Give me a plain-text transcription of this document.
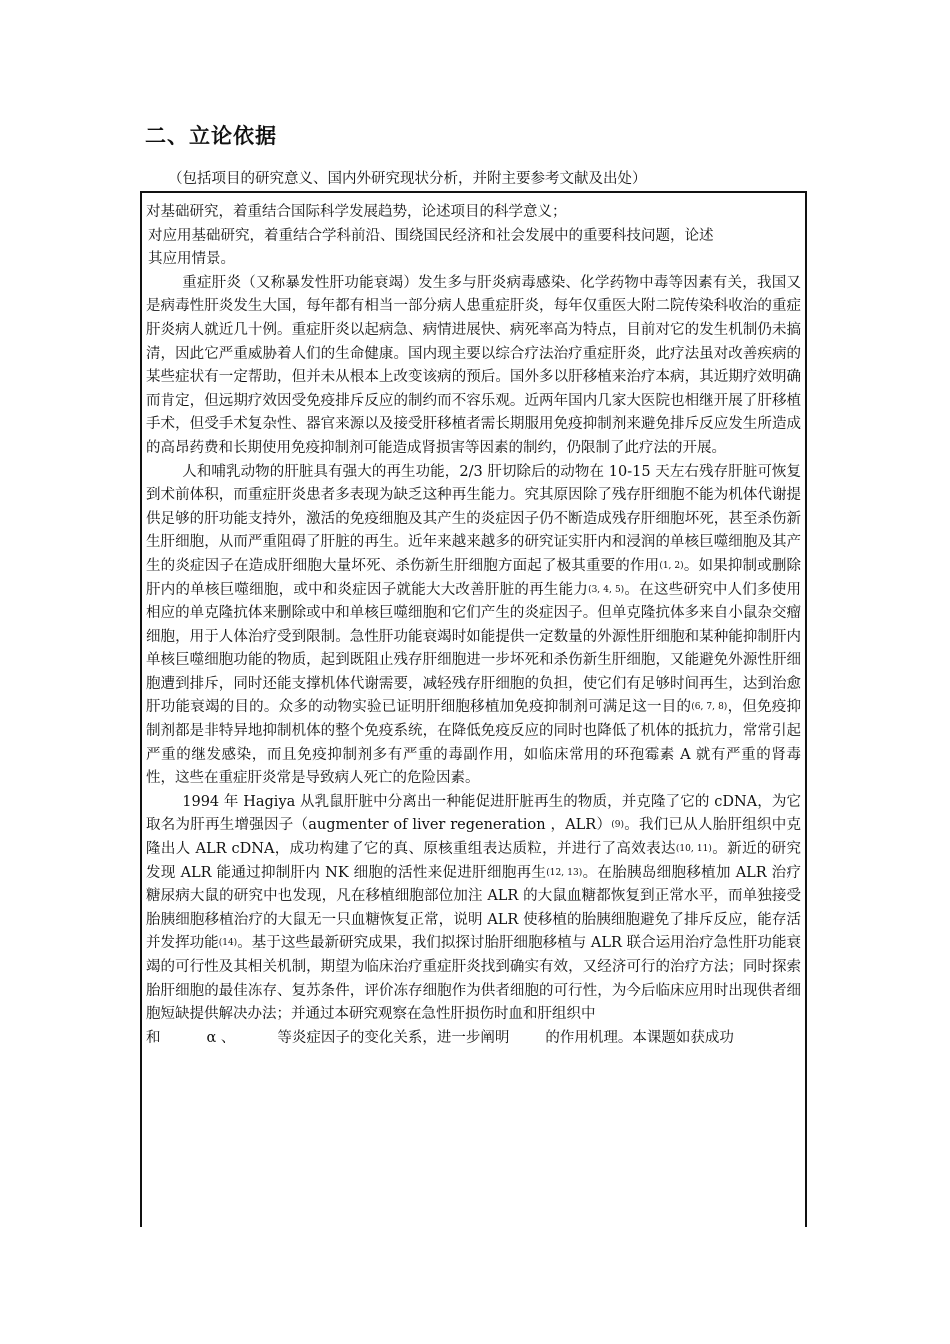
二、立论依据
（包括项目的研究意义、国内外研究现状分析，并附主要参考文献及出处）
对基础研究，着重结合国际科学发展趋势，论述项目的科学意义；
对应用基础研究，着重结合学科前沿、围绕国民经济和社会发展中的重要科技问题，论述
其应用情景。

重症肝炎（又称暴发性肝功能衰竭）发生多与肝炎病毒感染、化学药物中毒等因素有关，我国又是病毒性肝炎发生大国，每年都有相当一部分病人患重症肝炎，每年仅重医大附二院传染科收治的重症肝炎病人就近几十例。重症肝炎以起病急、病情进展快、病死率高为特点，目前对它的发生机制仍未搞清，因此它严重威胁着人们的生命健康。国内现主要以综合疗法治疗重症肝炎，此疗法虽对改善疾病的某些症状有一定帮助，但并未从根本上改变该病的预后。国外多以肝移植来治疗本病，其近期疗效明确而肯定，但远期疗效因受免疫排斥反应的制约而不容乐观。近两年国内几家大医院也相继开展了肝移植手术，但受手术复杂性、器官来源以及接受肝移植者需长期服用免疫抑制剂来避免排斥反应发生所造成的高昂药费和长期使用免疫抑制剂可能造成肾损害等因素的制约，仍限制了此疗法的开展。

人和哺乳动物的肝脏具有强大的再生功能，2/3 肝切除后的动物在 10-15 天左右残存肝脏可恢复到术前体积，而重症肝炎患者多表现为缺乏这种再生能力。究其原因除了残存肝细胞不能为机体代谢提供足够的肝功能支持外，激活的免疫细胞及其产生的炎症因子仍不断造成残存肝细胞坏死，甚至杀伤新生肝细胞，从而严重阻碍了肝脏的再生。近年来越来越多的研究证实肝内和浸润的单核巨噬细胞及其产生的炎症因子在造成肝细胞大量坏死、杀伤新生肝细胞方面起了极其重要的作用$^{(1, 2)}$。如果抑制或删除肝内的单核巨噬细胞，或中和炎症因子就能大大改善肝脏的再生能力$^{(3, 4, 5)}$。在这些研究中人们多使用相应的单克隆抗体来删除或中和单核巨噬细胞和它们产生的炎症因子。但单克隆抗体多来自小鼠杂交瘤细胞，用于人体治疗受到限制。急性肝功能衰竭时如能提供一定数量的外源性肝细胞和某种能抑制肝内单核巨噬细胞功能的物质，起到既阻止残存肝细胞进一步坏死和杀伤新生肝细胞，又能避免外源性肝细胞遭到排斥，同时还能支撑机体代谢需要，减轻残存肝细胞的负担，使它们有足够时间再生，达到治愈肝功能衰竭的目的。众多的动物实验已证明肝细胞移植加免疫抑制剂可满足这一目的$^{(6, 7, 8)}$，但免疫抑制剂都是非特异地抑制机体的整个免疫系统，在降低免疫反应的同时也降低了机体的抵抗力，常常引起严重的继发感染，而且免疫抑制剂多有严重的毒副作用，如临床常用的环孢霉素 A 就有严重的肾毒性，这些在重症肝炎常是导致病人死亡的危险因素。

1994 年 Hagiya 从乳鼠肝脏中分离出一种能促进肝脏再生的物质，并克隆了它的 cDNA，为它取名为肝再生增强因子（augmenter of liver regeneration ，ALR）$^{(9)}$。我们已从人胎肝组织中克隆出人 ALR cDNA，成功构建了它的真、原核重组表达质粒，并进行了高效表达$^{(10, 11)}$。新近的研究发现 ALR 能通过抑制肝内 NK 细胞的活性来促进肝细胞再生$^{(12, 13)}$。在胎胰岛细胞移植加 ALR 治疗糖尿病大鼠的研究中也发现，凡在移植细胞部位加注 ALR 的大鼠血糖都恢复到正常水平，而单独接受胎胰细胞移植治疗的大鼠无一只血糖恢复正常，说明 ALR 使移植的胎胰细胞避免了排斥反应，能存活并发挥功能$^{(14)}$。基于这些最新研究成果，我们拟探讨胎肝细胞移植与 ALR 联合运用治疗急性肝功能衰竭的可行性及其相关机制，期望为临床治疗重症肝炎找到确实有效，又经济可行的治疗方法；同时探索胎肝细胞的最佳冻存、复苏条件，评价冻存细胞作为供者细胞的可行性，为今后临床应用时出现供者细胞短缺提供解决办法；并通过本研究观察在急性肝损伤时血和肝组织中

和	α 、	等炎症因子的变化关系，进一步阐明 的作用机理。本课题如获成功
